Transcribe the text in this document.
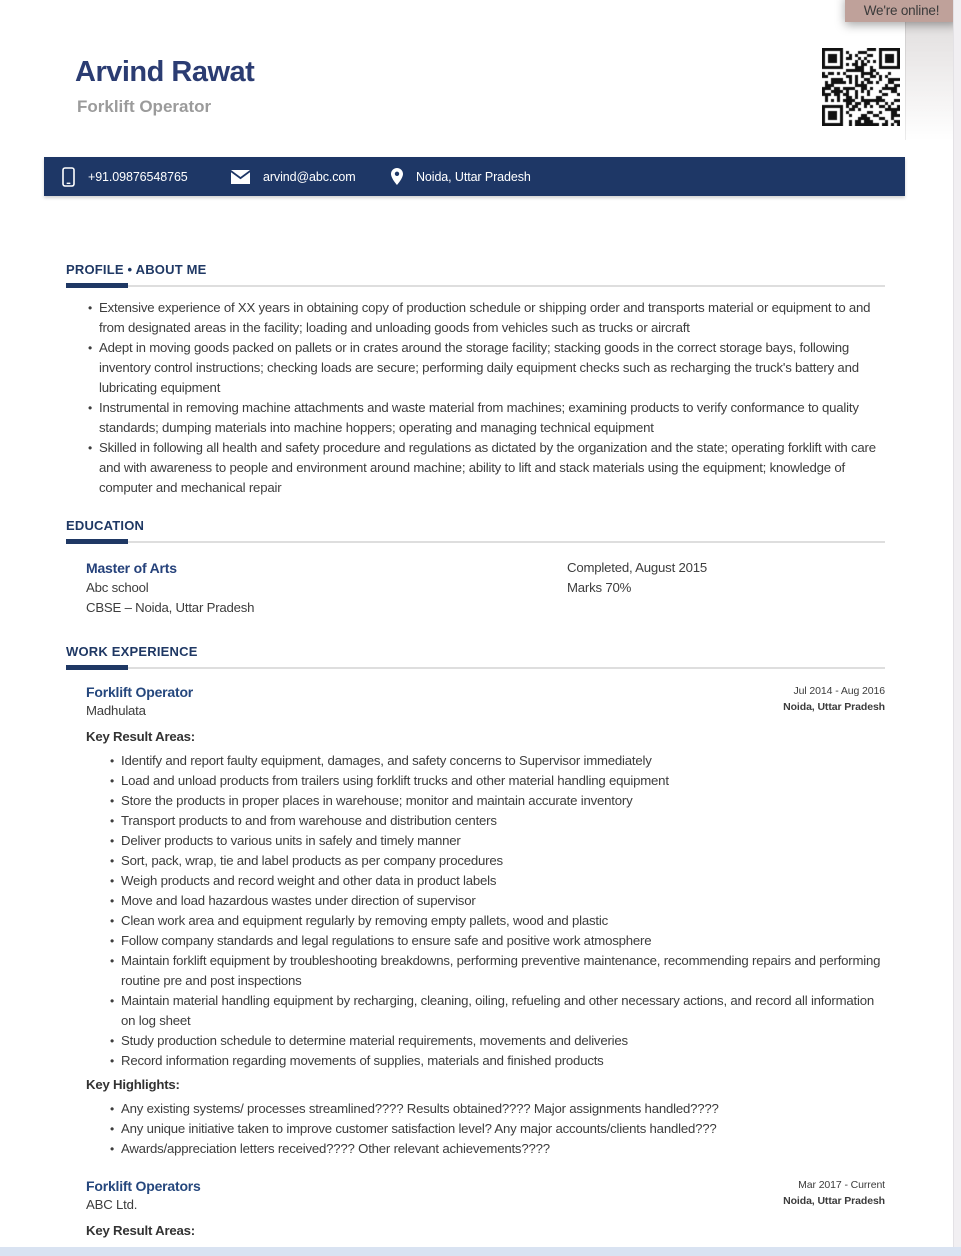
We're online!
Arvind Rawat
Forklift Operator
+91.09876548765	arvind@abc.com	Noida, Uttar Pradesh
PROFILE • ABOUT ME
• Extensive experience of XX years in obtaining copy of production schedule or shipping order and transports material or equipment to and from designated areas in the facility; loading and unloading goods from vehicles such as trucks or aircraft
• Adept in moving goods packed on pallets or in crates around the storage facility; stacking goods in the correct storage bays, following inventory control instructions; checking loads are secure; performing daily equipment checks such as recharging the truck's battery and lubricating equipment
• Instrumental in removing machine attachments and waste material from machines; examining products to verify conformance to quality standards; dumping materials into machine hoppers; operating and managing technical equipment
• Skilled in following all health and safety procedure and regulations as dictated by the organization and the state; operating forklift with care and with awareness to people and environment around machine; ability to lift and stack materials using the equipment; knowledge of computer and mechanical repair
EDUCATION
Master of Arts
Abc school
CBSE – Noida, Uttar Pradesh
Completed, August 2015
Marks 70%
WORK EXPERIENCE
Forklift Operator
Madhulata
Jul 2014 - Aug 2016
Noida, Uttar Pradesh
Key Result Areas:
• Identify and report faulty equipment, damages, and safety concerns to Supervisor immediately
• Load and unload products from trailers using forklift trucks and other material handling equipment
• Store the products in proper places in warehouse; monitor and maintain accurate inventory
• Transport products to and from warehouse and distribution centers
• Deliver products to various units in safely and timely manner
• Sort, pack, wrap, tie and label products as per company procedures
• Weigh products and record weight and other data in product labels
• Move and load hazardous wastes under direction of supervisor
• Clean work area and equipment regularly by removing empty pallets, wood and plastic
• Follow company standards and legal regulations to ensure safe and positive work atmosphere
• Maintain forklift equipment by troubleshooting breakdowns, performing preventive maintenance, recommending repairs and performing routine pre and post inspections
• Maintain material handling equipment by recharging, cleaning, oiling, refueling and other necessary actions, and record all information on log sheet
• Study production schedule to determine material requirements, movements and deliveries
• Record information regarding movements of supplies, materials and finished products
Key Highlights:
• Any existing systems/ processes streamlined???? Results obtained???? Major assignments handled????
• Any unique initiative taken to improve customer satisfaction level? Any major accounts/clients handled???
• Awards/appreciation letters received???? Other relevant achievements????
Forklift Operators
ABC Ltd.
Mar 2017 - Current
Noida, Uttar Pradesh
Key Result Areas:
